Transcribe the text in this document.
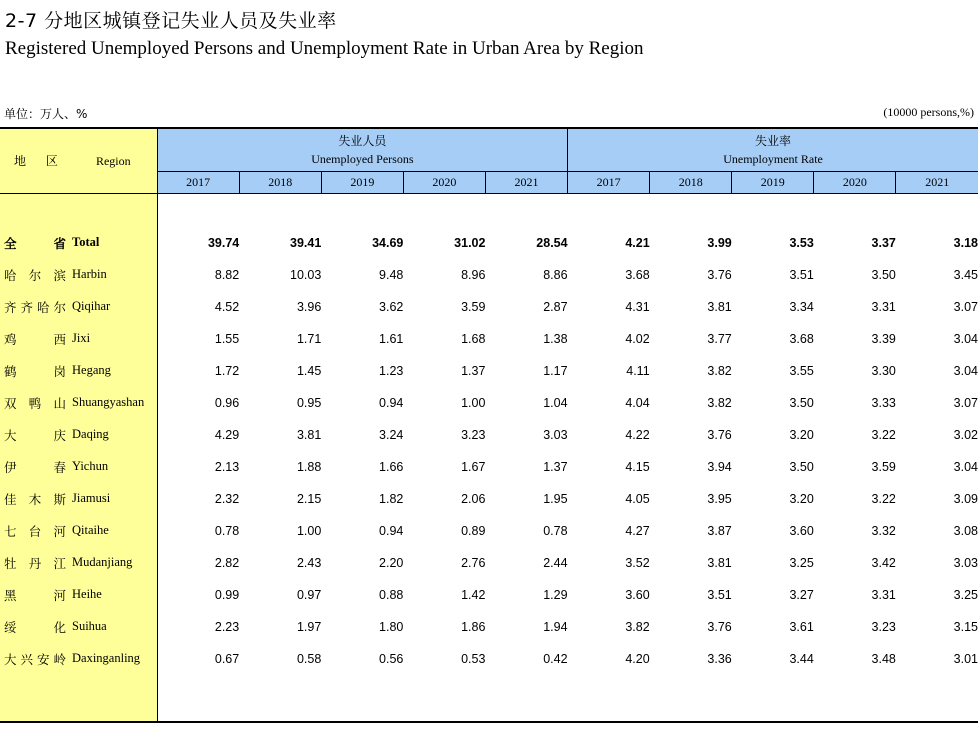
2-7 分地区城镇登记失业人员及失业率
Registered Unemployed Persons and Unemployment Rate in Urban Area by Region
单位：万人、%	(10000 persons,%)
地 区 Region	失业人员
Unemployed Persons					失业率
Unemployment Rate				
	2017	2018	2019	2020	2021	2017	2018	2019	2020	2021

全省 Total	39.74	39.41	34.69	31.02	28.54	4.21	3.99	3.53	3.37	3.18

哈尔滨 Harbin	8.82	10.03	9.48	8.96	8.86	3.68	3.76	3.51	3.50	3.45

齐齐哈尔 Qiqihar	4.52	3.96	3.62	3.59	2.87	4.31	3.81	3.34	3.31	3.07

鸡西 Jixi	1.55	1.71	1.61	1.68	1.38	4.02	3.77	3.68	3.39	3.04

鹤岗 Hegang	1.72	1.45	1.23	1.37	1.17	4.11	3.82	3.55	3.30	3.04

双鸭山 Shuangyashan	0.96	0.95	0.94	1.00	1.04	4.04	3.82	3.50	3.33	3.07

大庆 Daqing	4.29	3.81	3.24	3.23	3.03	4.22	3.76	3.20	3.22	3.02

伊春 Yichun	2.13	1.88	1.66	1.67	1.37	4.15	3.94	3.50	3.59	3.04

佳木斯 Jiamusi	2.32	2.15	1.82	2.06	1.95	4.05	3.95	3.20	3.22	3.09

七台河 Qitaihe	0.78	1.00	0.94	0.89	0.78	4.27	3.87	3.60	3.32	3.08

牡丹江 Mudanjiang	2.82	2.43	2.20	2.76	2.44	3.52	3.81	3.25	3.42	3.03

黑河 Heihe	0.99	0.97	0.88	1.42	1.29	3.60	3.51	3.27	3.31	3.25

绥化 Suihua	2.23	1.97	1.80	1.86	1.94	3.82	3.76	3.61	3.23	3.15

大兴安岭 Daxinganling	0.67	0.58	0.56	0.53	0.42	4.20	3.36	3.44	3.48	3.01
